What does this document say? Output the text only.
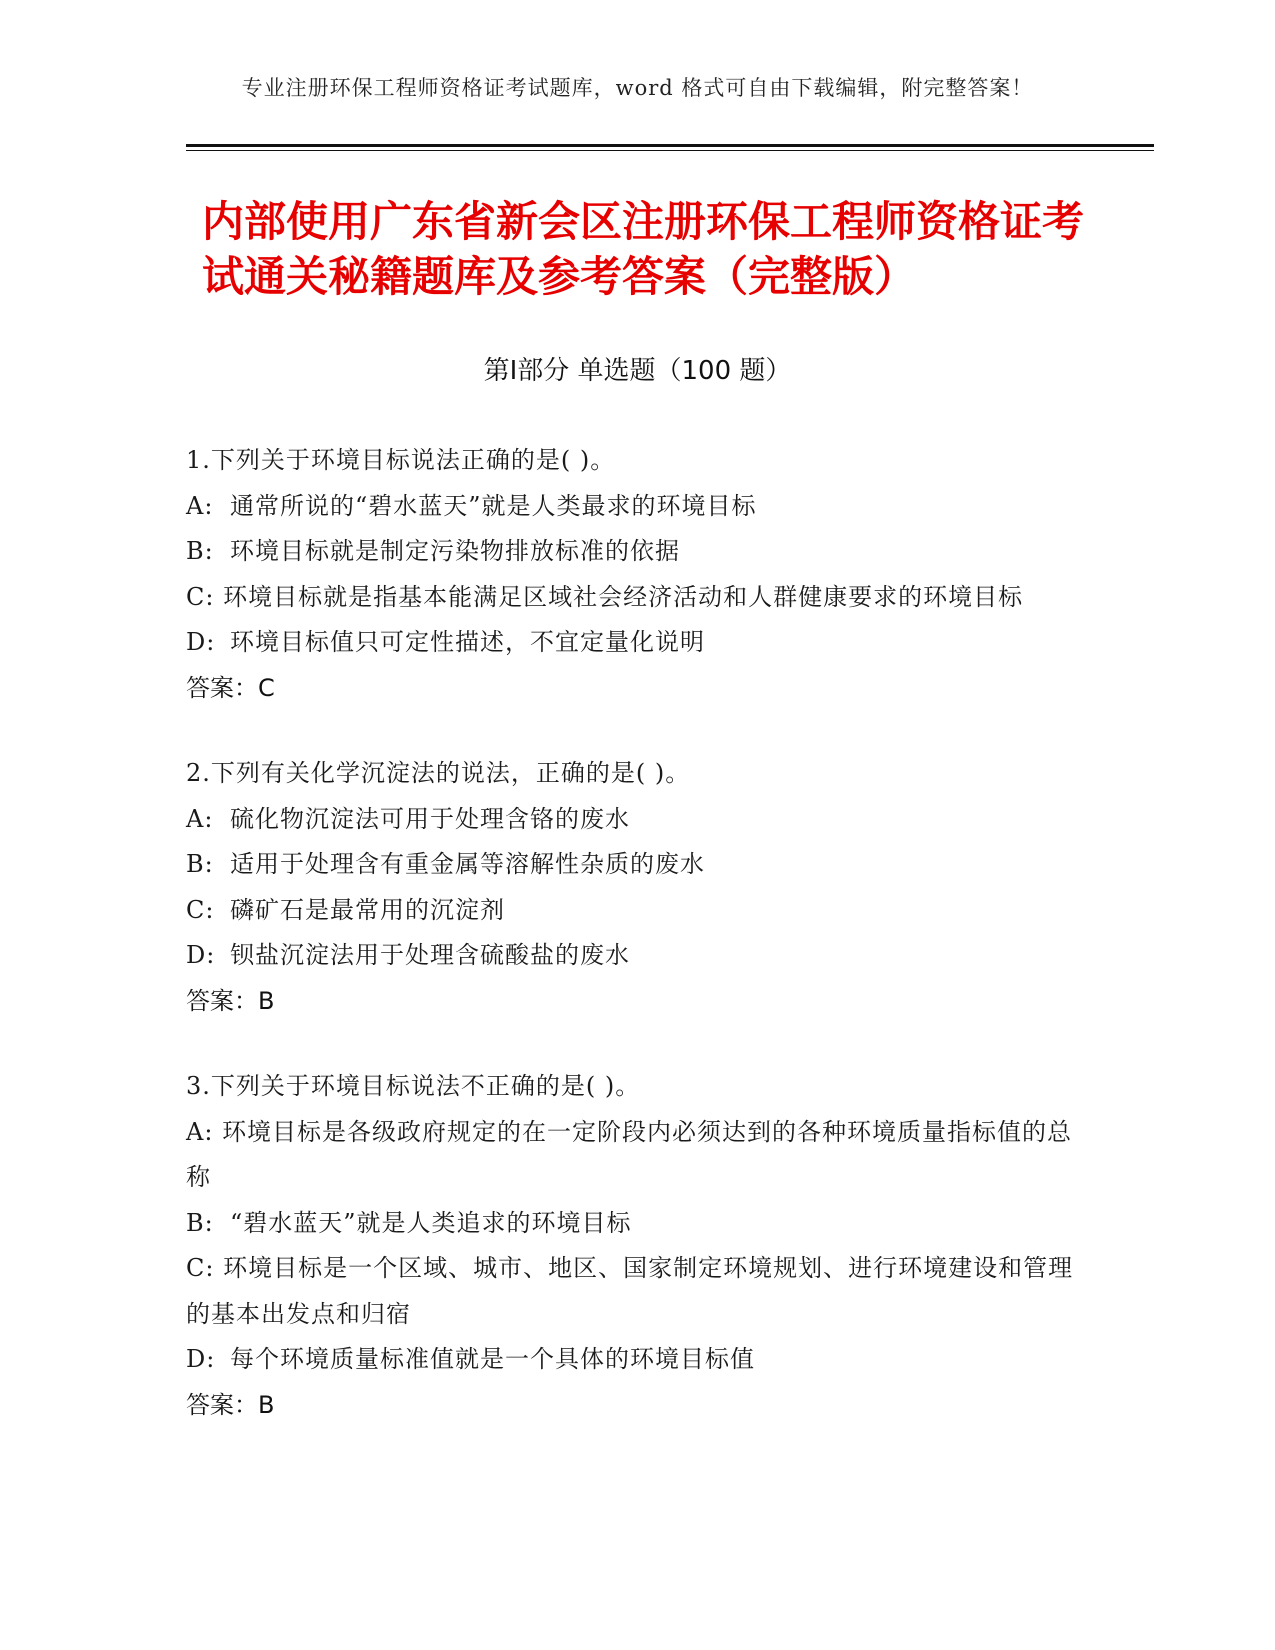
专业注册环保工程师资格证考试题库，word 格式可自由下载编辑，附完整答案！
内部使用广东省新会区注册环保工程师资格证考试通关秘籍题库及参考答案（完整版）
第Ⅰ部分 单选题（100 题）
1.下列关于环境目标说法正确的是( )。
A: 通常所说的“碧水蓝天”就是人类最求的环境目标
B: 环境目标就是制定污染物排放标准的依据
C: 环境目标就是指基本能满足区域社会经济活动和人群健康要求的环境目标
D: 环境目标值只可定性描述，不宜定量化说明
答案：C
2.下列有关化学沉淀法的说法，正确的是( )。
A: 硫化物沉淀法可用于处理含铬的废水
B: 适用于处理含有重金属等溶解性杂质的废水
C: 磷矿石是最常用的沉淀剂
D: 钡盐沉淀法用于处理含硫酸盐的废水
答案：B
3.下列关于环境目标说法不正确的是( )。
A: 环境目标是各级政府规定的在一定阶段内必须达到的各种环境质量指标值的总称
B: “碧水蓝天”就是人类追求的环境目标
C: 环境目标是一个区域、城市、地区、国家制定环境规划、进行环境建设和管理的基本出发点和归宿
D: 每个环境质量标准值就是一个具体的环境目标值
答案：B
